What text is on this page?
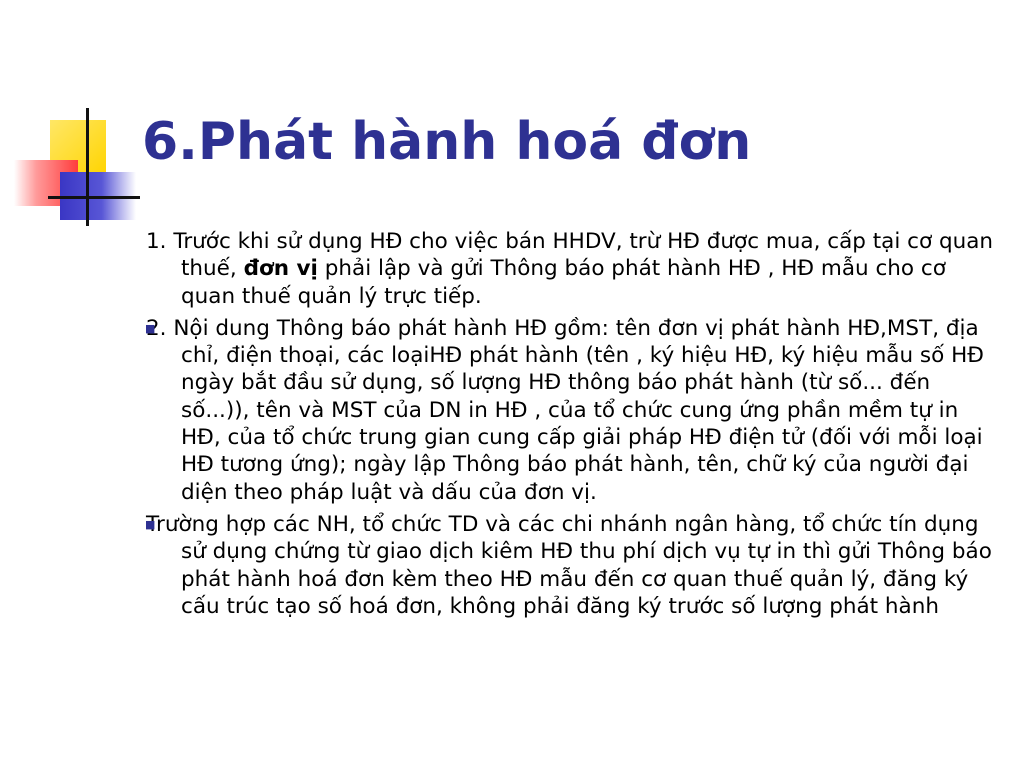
6.Phát hành hoá đơn

1. Trước khi sử dụng HĐ cho việc bán HHDV, trừ HĐ được mua, cấp tại cơ quan thuế, đơn vị phải lập và gửi Thông báo phát hành HĐ , HĐ mẫu cho cơ quan thuế quản lý trực tiếp.

■
2. Nội dung Thông báo phát hành HĐ gồm: tên đơn vị phát hành HĐ,MST, địa chỉ, điện thoại, các loạiHĐ phát hành (tên , ký hiệu HĐ, ký hiệu mẫu số HĐ ngày bắt đầu sử dụng, số lượng HĐ thông báo phát hành (từ số... đến số...)), tên và MST của DN in HĐ , của tổ chức cung ứng phần mềm tự in HĐ, của tổ chức trung gian cung cấp giải pháp HĐ điện tử (đối với mỗi loại HĐ tương ứng); ngày lập Thông báo phát hành, tên, chữ ký của người đại diện theo pháp luật và dấu của đơn vị.

■
Trường hợp các NH, tổ chức TD và các chi nhánh ngân hàng, tổ chức tín dụng sử dụng chứng từ giao dịch kiêm HĐ thu phí dịch vụ tự in thì gửi Thông báo phát hành hoá đơn kèm theo HĐ mẫu đến cơ quan thuế quản lý, đăng ký cấu trúc tạo số hoá đơn, không phải đăng ký trước số lượng phát hành
